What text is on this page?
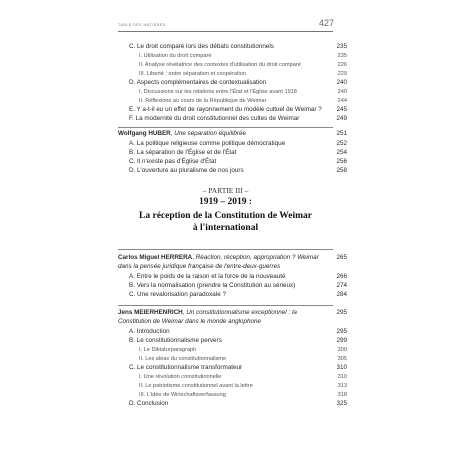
TABLE DES MATIÈRES	427
C. Le droit comparé lors des débats constitutionnels	235
I. Utilisation du droit comparé	235
II. Analyse révélatrice des contextes d'utilisation du droit comparé	226
III. Liberté : entre séparation et coopération	229
D. Aspects complémentaires de contextualisation	240
I. Discussions sur les relations entre l'État et l'Église avant 1918	240
II. Réflexions au cours de la République de Weimar	244
E. Y a-t-il eu un effet de rayonnement du modèle cultuel de Weimar ?	245
F. La modernité du droit constitutionnel des cultes de Weimar	249
Wolfgang HUBER, Une séparation équilibrée	251
A. La politique religieuse comme politique démocratique	252
B. La séparation de l'Église et de l'État	254
C. Il n'existe pas d'Église d'État	256
D. L'ouverture au pluralisme de nos jours	258
– PARTIE III –
1919 – 2019 :
La réception de la Constitution de Weimar
à l'international
Carlos Miguel HERRERA, Réaction, réception, appropriation ? Weimar	265
dans la pensée juridique française de l'entre-deux-guerres
A. Entre le poids de la raison et la force de la nouveauté	266
B. Vers la normalisation (prendre la Constitution au sérieux)	274
C. Une revalorisation paradoxale ?	284
Jens MEIERHENRICH, Un constitutionnalisme exceptionnel : la	295
Constitution de Weimar dans le monde anglophone
A. Introduction	295
B. Le constitutionnalisme pervers	299
I. Le Diktaturparagraph	300
II. Les aléas du constitutionnalisme	305
C. Le constitutionnalisme transformateur	310
I. Une révolution constitutionnelle	310
II. Le patriotisme constitutionnel avant la lettre	313
III. L'idée de Wirtschaftsverfassung	318
D. Conclusion	325
